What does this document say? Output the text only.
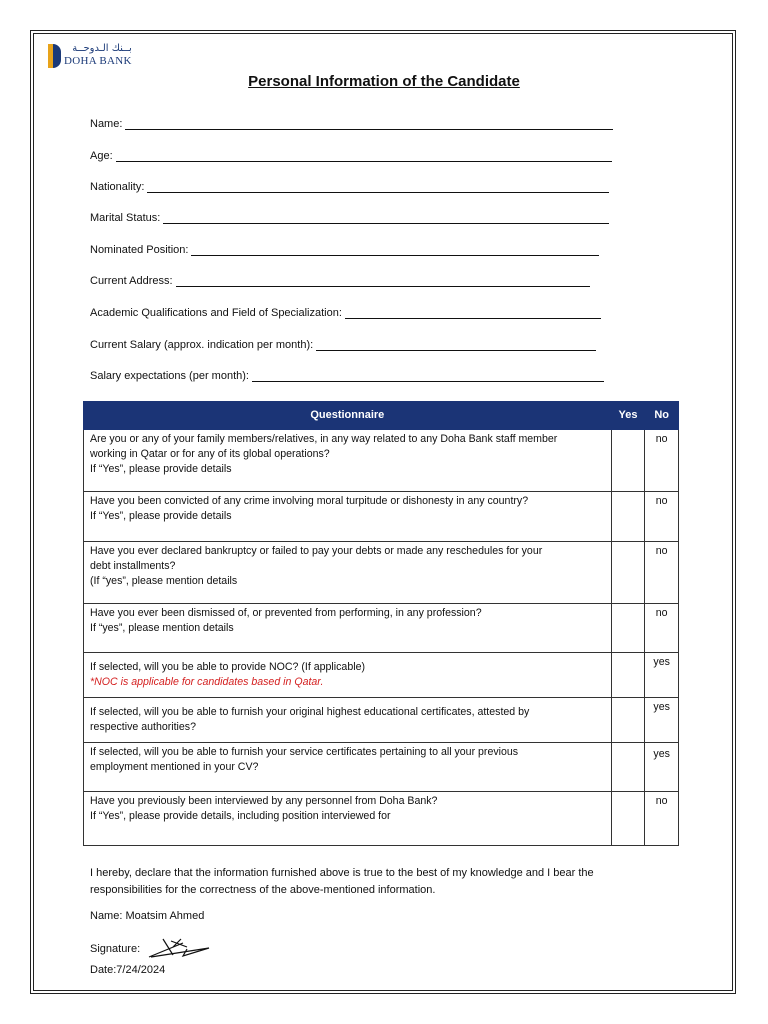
بــنك الـدوحــة
DOHA BANK
Personal Information of the Candidate
Name:
Age:
Nationality:
Marital Status:
Nominated Position:
Current Address:
Academic Qualifications and Field of Specialization:
Current Salary (approx. indication per month):
Salary expectations (per month):
Questionnaire	Yes	No

Are you or any of your family members/relatives, in any way related to any Doha Bank staff member
working in Qatar or for any of its global operations?
If “Yes”, please provide details		no

Have you been convicted of any crime involving moral turpitude or dishonesty in any country?
If “Yes”, please provide details		no

Have you ever declared bankruptcy or failed to pay your debts or made any reschedules for your
debt installments?
(If “yes”, please mention details		no

Have you ever been dismissed of, or prevented from performing, in any profession?
If “yes”, please mention details		no

If selected, will you be able to provide NOC? (If applicable)
*NOC is applicable for candidates based in Qatar.		yes

If selected, will you be able to furnish your original highest educational certificates, attested by
respective authorities?		yes

If selected, will you be able to furnish your service certificates pertaining to all your previous
employment mentioned in your CV?		yes

Have you previously been interviewed by any personnel from Doha Bank?
If “Yes”, please provide details, including position interviewed for		no
I hereby, declare that the information furnished above is true to the best of my knowledge and I bear the responsibilities for the correctness of the above-mentioned information.
Name: Moatsim Ahmed
Signature:
Date:7/24/2024
